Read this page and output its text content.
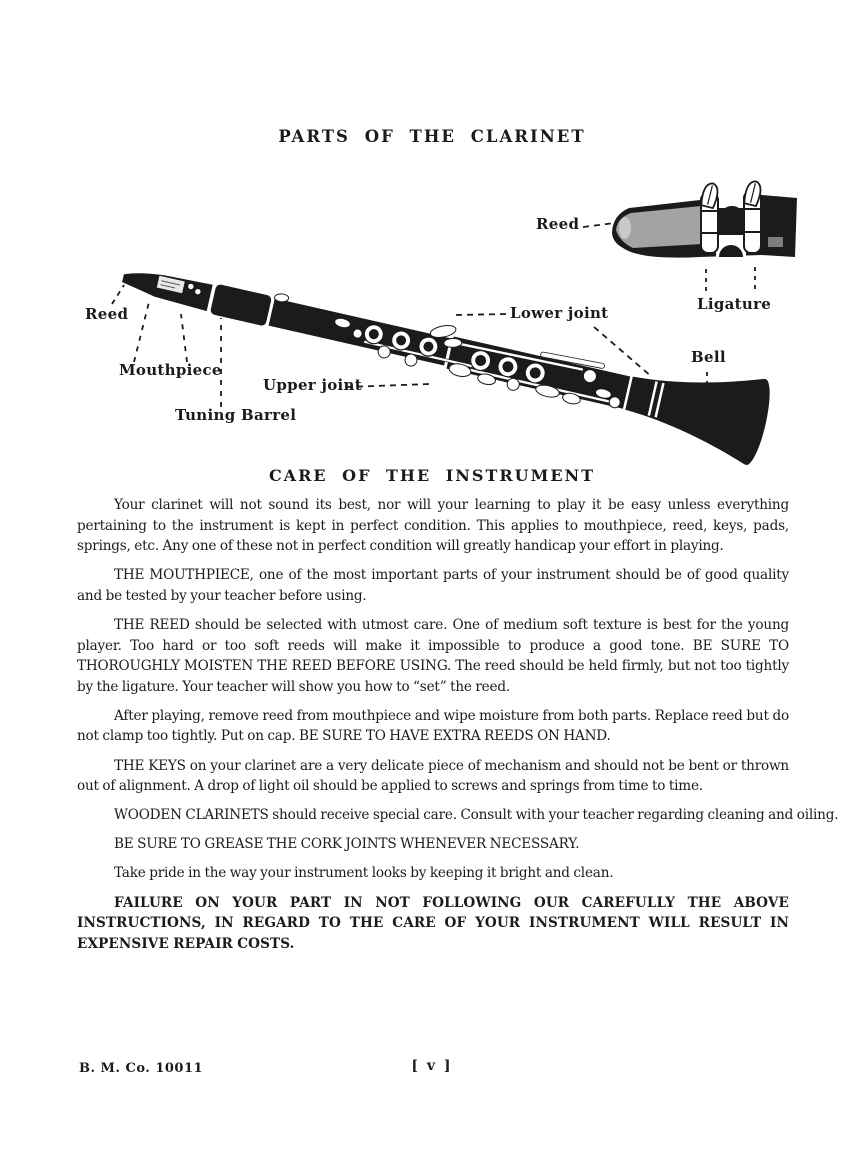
PARTS OF THE CLARINET
Reed
Ligature
Reed
Mouthpiece
Tuning Barrel
Upper joint
Lower joint
Bell
CARE OF THE INSTRUMENT

Your clarinet will not sound its best, nor will your learning to play it be easy unless everything pertaining to the instrument is kept in perfect condition. This applies to mouthpiece, reed, keys, pads, springs, etc. Any one of these not in perfect condition will greatly handicap your effort in playing.

THE MOUTHPIECE, one of the most important parts of your instrument should be of good quality and be tested by your teacher before using.

THE REED should be selected with utmost care. One of medium soft texture is best for the young player. Too hard or too soft reeds will make it impossible to produce a good tone. BE SURE TO THOROUGHLY MOISTEN THE REED BEFORE USING. The reed should be held firmly, but not too tightly by the ligature. Your teacher will show you how to “set” the reed.

After playing, remove reed from mouthpiece and wipe moisture from both parts. Replace reed but do not clamp too tightly. Put on cap. BE SURE TO HAVE EXTRA REEDS ON HAND.

THE KEYS on your clarinet are a very delicate piece of mechanism and should not be bent or thrown out of alignment. A drop of light oil should be applied to screws and springs from time to time.

WOODEN CLARINETS should receive special care. Consult with your teacher regarding cleaning and oiling.

BE SURE TO GREASE THE CORK JOINTS WHENEVER NECESSARY.

Take pride in the way your instrument looks by keeping it bright and clean.

FAILURE ON YOUR PART IN NOT FOLLOWING OUR CAREFULLY THE ABOVE INSTRUCTIONS, IN REGARD TO THE CARE OF YOUR INSTRUMENT WILL RESULT IN EXPENSIVE REPAIR COSTS.

B. M. Co. 10011	[ v ]
